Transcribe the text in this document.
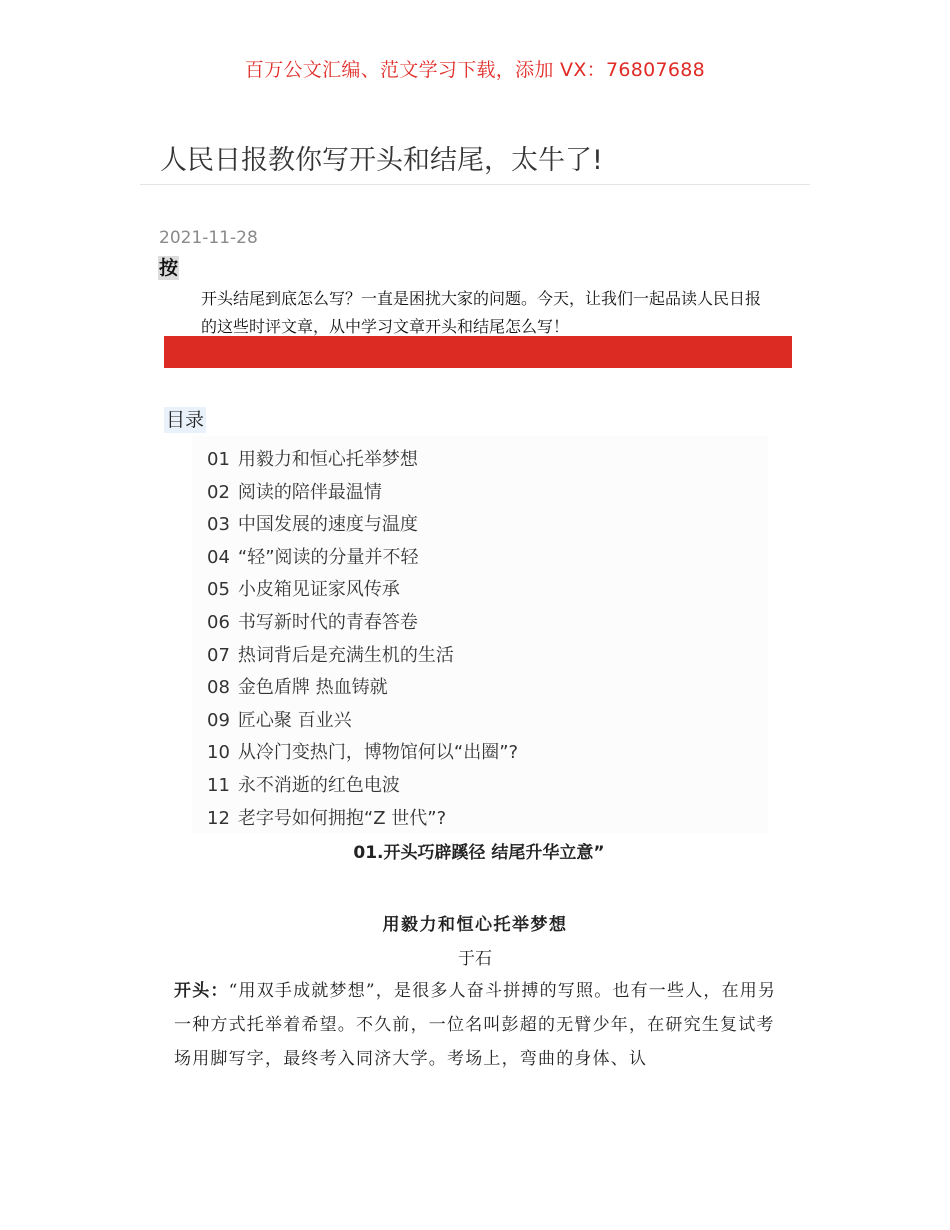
百万公文汇编、范文学习下载，添加 VX：76807688
人民日报教你写开头和结尾，太牛了!
2021-11-28
按
开头结尾到底怎么写？一直是困扰大家的问题。今天，让我们一起品读人民日报的这些时评文章，从中学习文章开头和结尾怎么写！
目录
01 用毅力和恒心托举梦想
02 阅读的陪伴最温情
03 中国发展的速度与温度
04 “轻”阅读的分量并不轻
05 小皮箱见证家风传承
06 书写新时代的青春答卷
07 热词背后是充满生机的生活
08 金色盾牌 热血铸就
09 匠心聚 百业兴
10 从冷门变热门，博物馆何以“出圈”?
11 永不消逝的红色电波
12 老字号如何拥抱“Z 世代”?
01.开头巧辟蹊径 结尾升华立意”
用毅力和恒心托举梦想
于石

开头：“用双手成就梦想”，是很多人奋斗拼搏的写照。也有一些人，在用另一种方式托举着希望。不久前，一位名叫彭超的无臂少年，在研究生复试考场用脚写字，最终考入同济大学。考场上，弯曲的身体、认
